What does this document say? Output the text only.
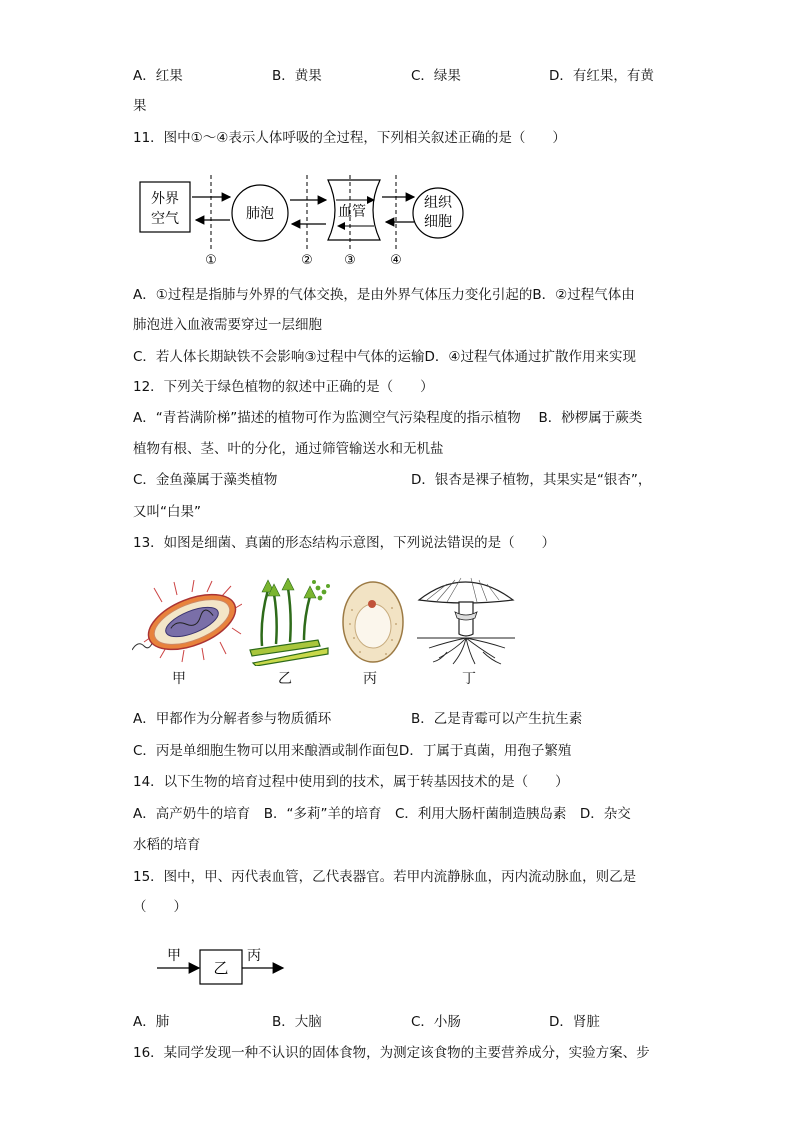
A．红果	B．黄果	C．绿果	D．有红果，有黄
果
11．图中①～④表示人体呼吸的全过程，下列相关叙述正确的是（　　）
外界
空气	肺泡	血管
组织
细胞
①	② ③	④
A．①过程是指肺与外界的气体交换，是由外界气体压力变化引起的B．②过程气体由
肺泡进入血液需要穿过一层细胞
C．若人体长期缺铁不会影响③过程中气体的运输D．④过程气体通过扩散作用来实现
12．下列关于绿色植物的叙述中正确的是（　　）
A．“青苔满阶梯”描述的植物可作为监测空气污染程度的指示植物　 B．桫椤属于蕨类
植物有根、茎、叶的分化，通过筛管输送水和无机盐
C．金鱼藻属于藻类植物	D．银杏是裸子植物，其果实是“银杏”，
又叫“白果”
13．如图是细菌、真菌的形态结构示意图，下列说法错误的是（　　）
甲	乙	丙	丁
A．甲都作为分解者参与物质循环	B．乙是青霉可以产生抗生素
C．丙是单细胞生物可以用来酿酒或制作面包D．丁属于真菌，用孢子繁殖
14．以下生物的培育过程中使用到的技术，属于转基因技术的是（　　）
A．高产奶牛的培育　B．“多莉”羊的培育　C．利用大肠杆菌制造胰岛素　D．杂交
水稻的培育
15．图中，甲、丙代表血管，乙代表器官。若甲内流静脉血，丙内流动脉血，则乙是
（　　）
甲
乙
丙
A．肺	B．大脑	C．小肠	D．肾脏
16．某同学发现一种不认识的固体食物，为测定该食物的主要营养成分，实验方案、步
